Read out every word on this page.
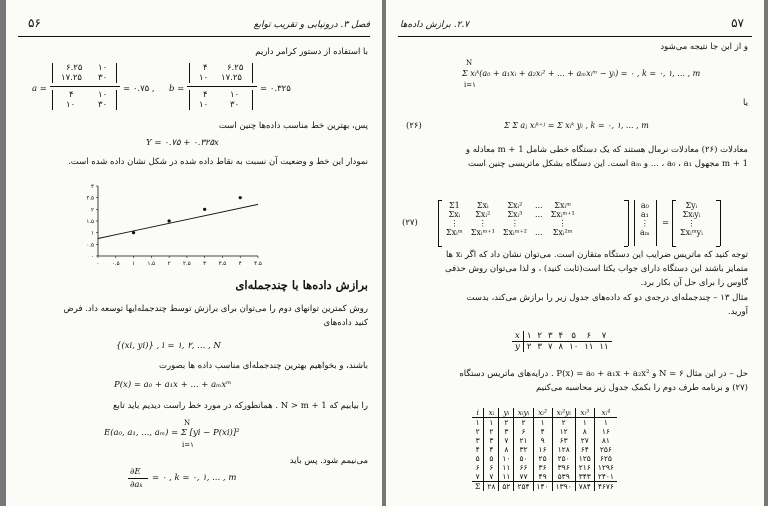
۵۶	فصل ۳. درونیابی و تقریب توابع
با استفاده از دستور کرامر داریم
a =
۶.۲۵ ۱۰
۱۷.۲۵ ۳۰
۴	۱۰
۱۰	۳۰
= ۰.۷۵ , b =
۴ ۶.۲۵
۱۰ ۱۷.۲۵
۴	۱۰
۱۰	۳۰
= ۰.۳۲۵
پس، بهترین خط مناسب داده‌ها چنین است
Y = ۰.۷۵ + ۰.۳۲۵x
نمودار این خط و وضعیت آن نسبت به نقاط داده شده در شکل نشان داده شده است.
۰ ۰.۵ ۱ ۱.۵ ۲ ۲.۵ ۳ ۳.۵ ۴ ۴.۵
۰
۰.۵
۱
۱.۵
۲
۲.۵
۳
برازش داده‌ها با چندجمله‌ای
روش کمترین توانهای دوم را می‌توان برای برازش توسط چندجمله‌ایها توسعه داد. فرض
کنید داده‌های
{(xi, yi)} , i = ۱, ۲, ... , N
باشند، و بخواهیم بهترین چندجمله‌ای مناسب داده ها بصورت
P(x) = a₀ + a₁x + ... + aₘxᵐ
را بیابیم که N > m + 1 . همانطورکه در مورد خط راست دیدیم باید تابع
N
E(a₀, a₁, ..., aₘ) = Σ [yi − P(xi)]²
i=۱
می‌نیمم شود. پس باید
∂E
∂aₖ
= ۰ , k = ۰, ۱, ... , m
۲.۷. برازش داده‌ها	۵۷
و از این جا نتیجه می‌شود
N
Σ xᵢᵏ(a₀ + a₁xᵢ + a₂xᵢ² + ... + aₘxᵢᵐ − yᵢ) = ۰ , k = ۰, ۱, ... , m
i=۱
یا
Σ Σ aⱼ xᵢᵏ⁺ʲ = Σ xᵢᵏ yᵢ , k = ۰, ۱, ... , m
(۲۶)
معادلات (۲۶) معادلات نرمال هستند که یک دستگاه خطی شامل m + 1 معادله و
m + 1 مجهول a₀ ، a₁ ، ... و aₘ است. این دستگاه بشکل ماتریسی چنین است
Σ1	Σxᵢ	Σxᵢ²	...	Σxᵢᵐ
Σxᵢ	Σxᵢ²	Σxᵢ³	...	Σxᵢᵐ⁺¹
⋮	⋮	⋮		⋮
Σxᵢᵐ	Σxᵢᵐ⁺¹	Σxᵢᵐ⁺²	...	Σxᵢ²ᵐ
a₀
a₁
⋮
aₘ
=
Σyᵢ
Σxᵢyᵢ
⋮
Σxᵢᵐyᵢ
(۲۷)
توجه کنید که ماتریس ضرایب این دستگاه متقارن است. می‌توان نشان داد که اگر xᵢ ها
متمایز باشند این دستگاه دارای جواب یکتا است(ثابت کنید) ، و لذا می‌توان روش حذفی
گاوس را برای حل آن بکار برد.
مثال ۱۳ – چندجمله‌ای درجه‌ی دو که داده‌های جدول زیر را برازش می‌کند، بدست
آورید.
x	۱	۲	۳	۴	۵	۶	۷
y	۲	۳	۷	۸	۱۰	۱۱	۱۱
حل – در این مثال N = ۶ و P(x) = a₀ + a₁x + a₂x² . درایه‌های ماتریس دستگاه
(۲۷) و برنامه طرف دوم را بکمک جدول زیر محاسبه می‌کنیم
i	xᵢ	yᵢ	xᵢyᵢ	xᵢ²	xᵢ²yᵢ	xᵢ³	xᵢ⁴
۱	۱	۲	۲	۱	۲	۱	۱
۲	۲	۳	۶	۴	۱۲	۸	۱۶
۳	۳	۷	۲۱	۹	۶۳	۲۷	۸۱
۴	۴	۸	۳۲	۱۶	۱۲۸	۶۴	۲۵۶
۵	۵	۱۰	۵۰	۲۵	۲۵۰	۱۲۵	۶۲۵
۶	۶	۱۱	۶۶	۳۶	۳۹۶	۲۱۶	۱۲۹۶
۷	۷	۱۱	۷۷	۴۹	۵۳۹	۳۴۳	۲۴۰۱
Σ	۲۸	۵۲	۲۵۴	۱۴۰	۱۳۹۰	۷۸۴	۴۶۷۶
